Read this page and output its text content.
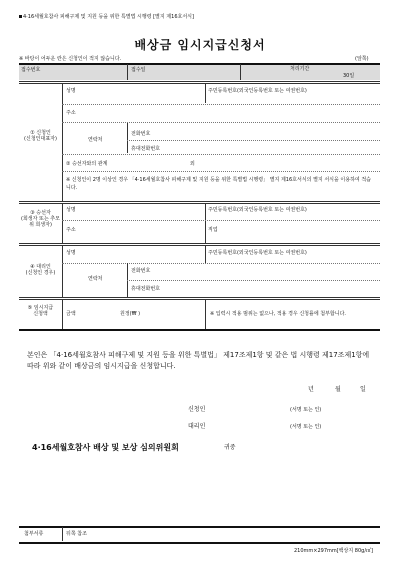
4·16세월호참사 피해구제 및 지원 등을 위한 특별법 시행령 [별지 제16호서식]
배상금 임시지급신청서
※ 바탕이 어두운 란은 신청인이 적지 않습니다.	(앞쪽)
접수번호	접수일	처리기간
30일
① 신청인
(신청인대표자)
성명	주민등록번호(외국인등록번호 또는 여권번호)
주소
연락처
전화번호
휴대전화번호
② 승선자와의 관계	외
※ 신청인이 2명 이상인 경우 「4·16세월호참사 피해구제 및 지원 등을 위한 특별법 시행령」 별지 제16호서식의 별지 서식을 이용하여 적습니다.
③ 승선자
(희생자 또는 추모위 희생자)
성명	주민등록번호(외국인등록번호 또는 여권번호)
주소	직업
④ 대리인
(신청인 경우)
성명	주민등록번호(외국인등록번호 또는 여권번호)
연락처
전화번호
휴대전화번호
⑤ 임시지급
신청액	금액	원정(₩ )	※ 입력시 적용 범위는 없으나, 적용 경우 신청률에 첨부합니다.
본인은 「4·16세월호참사 피해구제 및 지원 등을 위한 특별법」 제17조제1항 및 같은 법 시행령 제17조제1항에 따라 위와 같이 배상금의 임시지급을 신청합니다.
년	월	일
신청인	(서명 또는 인)
대리인	(서명 또는 인)
4·16세월호참사 배상 및 보상 심의위원회	귀중
첨부서류	뒤쪽 참조
210mm×297mm[백상지 80g/㎡]
